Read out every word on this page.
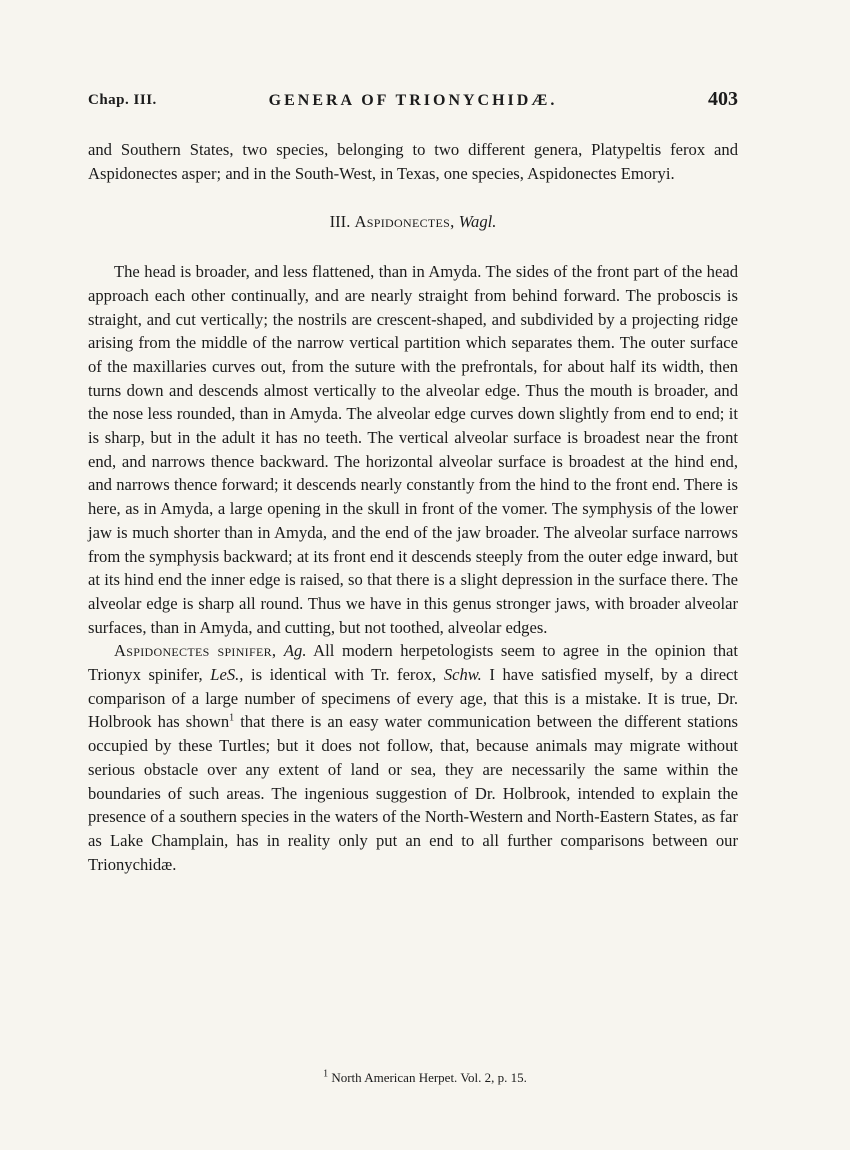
Chap. III.	GENERA OF TRIONYCHIDÆ.	403

and Southern States, two species, belonging to two different genera, Platypeltis ferox and Aspidonectes asper; and in the South-West, in Texas, one species, Aspidonectes Emoryi.

III. Aspidonectes, Wagl.

The head is broader, and less flattened, than in Amyda. The sides of the front part of the head approach each other continually, and are nearly straight from behind forward. The proboscis is straight, and cut vertically; the nostrils are crescent-shaped, and subdivided by a projecting ridge arising from the middle of the narrow vertical partition which separates them. The outer surface of the maxillaries curves out, from the suture with the prefrontals, for about half its width, then turns down and descends almost vertically to the alveolar edge. Thus the mouth is broader, and the nose less rounded, than in Amyda. The alveolar edge curves down slightly from end to end; it is sharp, but in the adult it has no teeth. The vertical alveolar surface is broadest near the front end, and narrows thence backward. The horizontal alveolar surface is broadest at the hind end, and narrows thence forward; it descends nearly constantly from the hind to the front end. There is here, as in Amyda, a large opening in the skull in front of the vomer. The symphysis of the lower jaw is much shorter than in Amyda, and the end of the jaw broader. The alveolar surface narrows from the symphysis backward; at its front end it descends steeply from the outer edge inward, but at its hind end the inner edge is raised, so that there is a slight depression in the surface there. The alveolar edge is sharp all round. Thus we have in this genus stronger jaws, with broader alveolar surfaces, than in Amyda, and cutting, but not toothed, alveolar edges.

Aspidonectes spinifer, Ag. All modern herpetologists seem to agree in the opinion that Trionyx spinifer, LeS., is identical with Tr. ferox, Schw. I have satisfied myself, by a direct comparison of a large number of specimens of every age, that this is a mistake. It is true, Dr. Holbrook has shown$^1$ that there is an easy water communication between the different stations occupied by these Turtles; but it does not follow, that, because animals may migrate without serious obstacle over any extent of land or sea, they are necessarily the same within the boundaries of such areas. The ingenious suggestion of Dr. Holbrook, intended to explain the presence of a southern species in the waters of the North-Western and North-Eastern States, as far as Lake Champlain, has in reality only put an end to all further comparisons between our Trionychidæ.

$^1$ North American Herpet. Vol. 2, p. 15.
